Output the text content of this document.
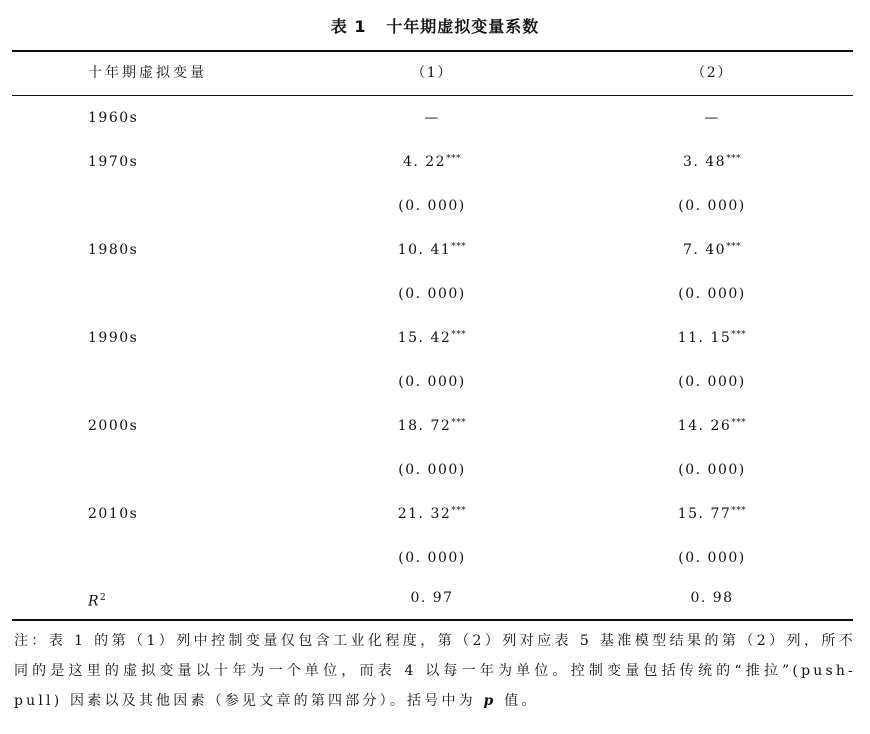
表 1   十年期虚拟变量系数
十年期虚拟变量	（1）	（2）
1960s	—	—
1970s	4. 22***	3. 48***
(0. 000)	(0. 000)
1980s	10. 41***	7. 40***
(0. 000)	(0. 000)
1990s	15. 42***	11. 15***
(0. 000)	(0. 000)
2000s	18. 72***	14. 26***
(0. 000)	(0. 000)
2010s	21. 32***	15. 77***
(0. 000)	(0. 000)
$R^2$	0. 97	0. 98
注：表 1 的第（1）列中控制变量仅包含工业化程度，第（2）列对应表 5 基准模型结果的第（2）列，所不同的是这里的虚拟变量以十年为一个单位，而表 4 以每一年为单位。控制变量包括传统的“推拉”(push-pull) 因素以及其他因素（参见文章的第四部分）。括号中为 p 值。
